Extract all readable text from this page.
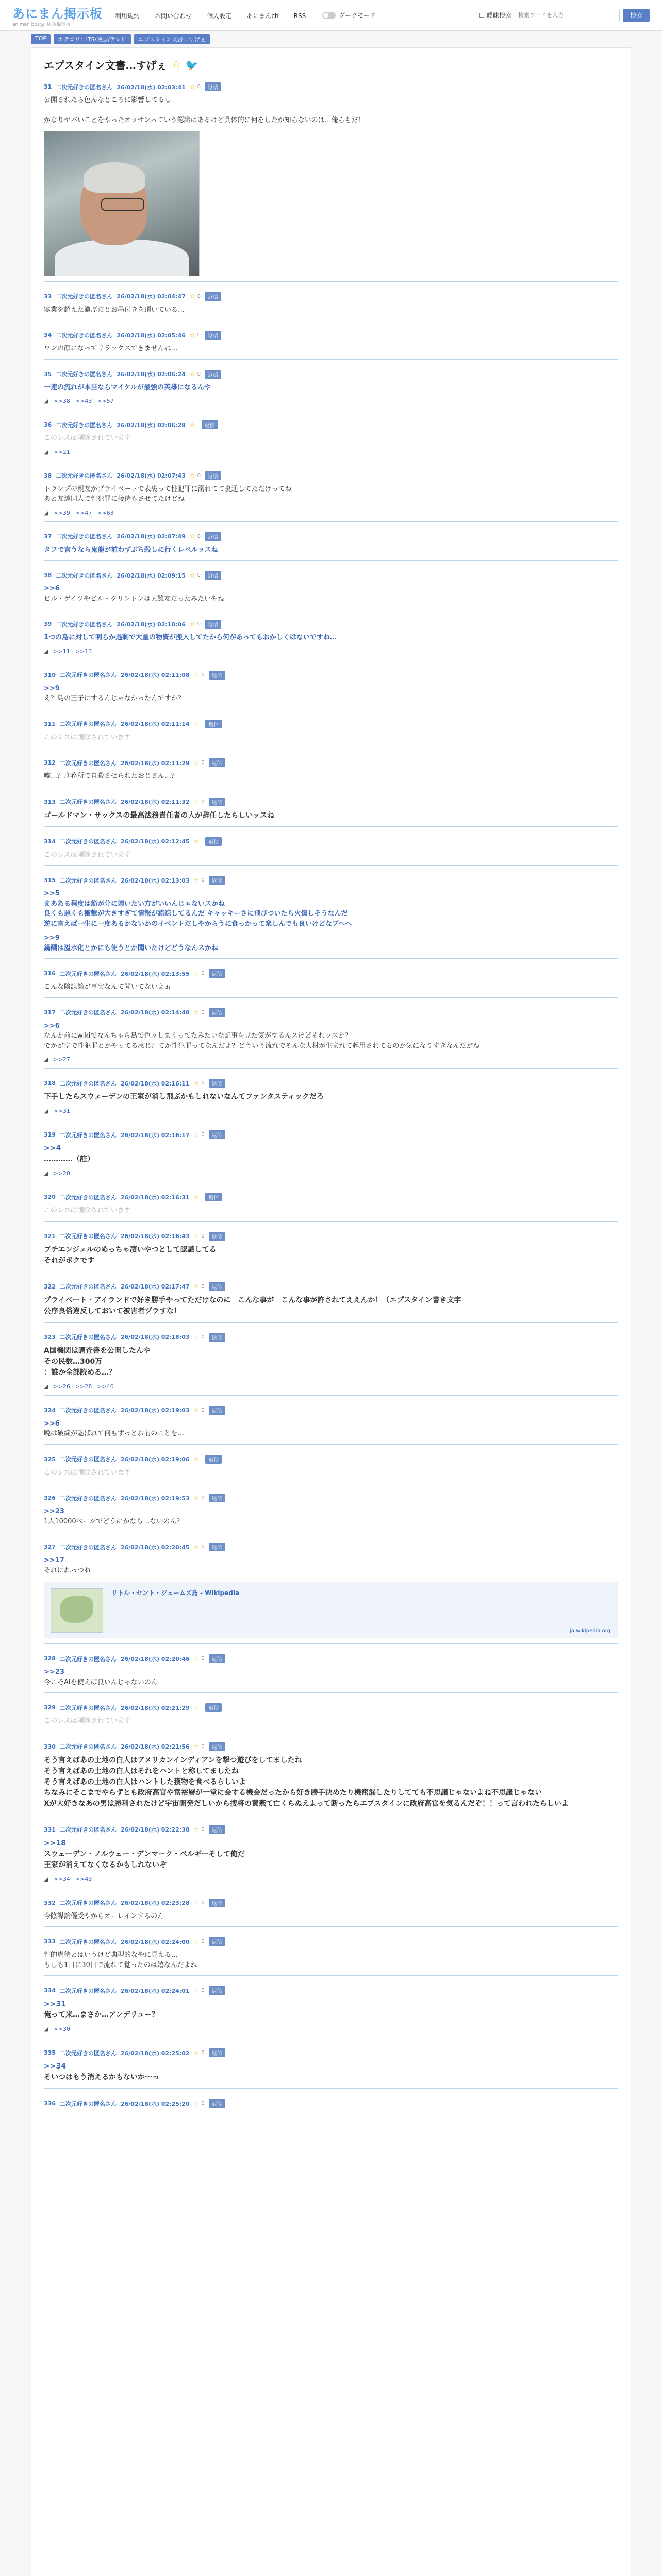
あにまん掲示板
animan bbs@. 総合掲示板
利用規約 お問い合わせ 個人設定 あにまんch RSS	ダークモード	☐ 曖昧検索
検索ワードを入力	検索
TOP	カテゴリ：ITS/映画/テレビ	エプスタイン文書…すげぇ
エプスタイン文書…すげぇ ☆ 🐦
31 二次元好きの匿名さん 26/02/18(水) 02:03:41 ☆ 0	返信
公開されたら色んなところに影響してるし

かなりヤバいことをやったオッサンっていう認識はあるけど具体的に何をしたか知らないのは…俺らもだ！
33 二次元好きの匿名さん 26/02/18(水) 02:04:47 ☆ 0	返信
窯業を超えた濃厚だとお墨付きを頂いている…
34 二次元好きの匿名さん 26/02/18(水) 02:05:46 ☆ 0	返信
ワンの顔になってリラックスできませんね…
35 二次元好きの匿名さん 26/02/18(水) 02:06:24 ☆ 0	返信
一連の流れが本当ならマイケルが最強の英雄になるんや
◢ >>38 >>43 >>57
36 二次元好きの匿名さん 26/02/18(水) 02:06:28 ☆	返信
このレスは削除されています
◢ >>21
38 二次元好きの匿名さん 26/02/18(水) 02:07:43 ☆ 0	返信
トランプの親友がプライベートで表裏って性犯罪に溺れてて裏通してただけってね
あと友達同人で性犯罪に接待もさせてたけどね
◢ >>39 >>47 >>63
37 二次元好きの匿名さん 26/02/18(水) 02:07:49 ☆ 0	返信
タフで言うなら鬼龍が前わずぶち殺しに行くレベルッスね
38 二次元好きの匿名さん 26/02/18(水) 02:09:15 ☆ 0	返信
>>6
ビル・ゲイツやビル・クリントンは大難友だったみたいやね
39 二次元好きの匿名さん 26/02/18(水) 02:10:06 ☆ 0	返信
1つの島に対して明らか過剰で大量の物資が搬入してたから何があってもおかしくはないですね…
◢ >>11 >>13
310 二次元好きの匿名さん 26/02/18(水) 02:11:08 ☆ 0	返信
>>9
え？島の王子にするんじゃなかったんですか？
311 二次元好きの匿名さん 26/02/18(水) 02:11:14 ☆	返信
このレスは削除されています
312 二次元好きの匿名さん 26/02/18(水) 02:11:29 ☆ 0	返信
嘘…？刑務所で自殺させられたおじさん…？
313 二次元好きの匿名さん 26/02/18(水) 02:11:32 ☆ 0	返信
ゴールドマン・サックスの最高法務責任者の人が辞任したらしいッスね
314 二次元好きの匿名さん 26/02/18(水) 02:12:45 ☆	返信
このレスは削除されています
315 二次元好きの匿名さん 26/02/18(水) 02:13:03 ☆ 0	返信
>>5
まあある程度は筋が分に壊いたい方がいいんじゃないスかね
良くも悪くも衝撃が大きすぎて情報が錯綜してるんだ キャッキーさに飛びついたら火傷しそうなんだ
逆に言えば一生に一度あるかないかのイベントだしやからうに食っかって楽しんでも良いけどなブヘヘ
>>9
鍋醐は溢水化とかにも使うとか聞いたけどどうなんスかね
316 二次元好きの匿名さん 26/02/18(水) 02:13:55 ☆ 0	返信
こんな陰謀論が事実なんて聞いてないよぉ
317 二次元好きの匿名さん 26/02/18(水) 02:14:48 ☆ 0	返信
>>6
なんか前にwikiでなんちゃら島で色々しまくってたみたいな記事を見た気がするんスけどそれッスか？
でかがすで性犯罪とかやってる感じ？てか性犯罪ってなんだよ？どういう流れでそんな大材が生まれて起用されてるのか気になりすぎなんだがね
◢ >>27
318 二次元好きの匿名さん 26/02/18(水) 02:16:11 ☆ 0	返信
下手したらスウェーデンの王室が消し飛ぶかもしれないなんてファンタスティックだろ
◢ >>31
319 二次元好きの匿名さん 26/02/18(水) 02:16:17 ☆ 0	返信
>>4
…………（註）
◢ >>20
320 二次元好きの匿名さん 26/02/18(水) 02:16:31 ☆	返信
このレスは削除されています
321 二次元好きの匿名さん 26/02/18(水) 02:16:43 ☆ 0	返信
プチエンジェルのめっちゃ凄いやつとして認識してる
それがボクです
322 二次元好きの匿名さん 26/02/18(水) 02:17:47 ☆ 0	返信
プライベート・アイランドで好き勝手やってただけなのに　こんな事が　こんな事が許されてええんか！（エプスタイン書き文字
公序良俗違反しておいて被害者ヅラすな！
323 二次元好きの匿名さん 26/02/18(水) 02:18:03 ☆ 0	返信
A国機関は調査書を公開したんや
その民数…300万
：誰か全部読める…？
◢ >>26 >>28 >>40
324 二次元好きの匿名さん 26/02/18(水) 02:19:03 ☆ 0	返信
>>6
晩は破綻が魅ばれて何もずっとお前のことを…
325 二次元好きの匿名さん 26/02/18(水) 02:19:06 ☆	返信
このレスは削除されています
326 二次元好きの匿名さん 26/02/18(水) 02:19:53 ☆ 0	返信
>>23
1人10000ページでどうにかなら…ないのん？
327 二次元好きの匿名さん 26/02/18(水) 02:20:45 ☆ 0	返信
>>17
それにれっつね
リトル・セント・ジェームズ島 - Wikipedia
ja.wikipedia.org
328 二次元好きの匿名さん 26/02/18(水) 02:20:46 ☆ 0	返信
>>23
今こそAIを使えば良いんじゃないのん
329 二次元好きの匿名さん 26/02/18(水) 02:21:29 ☆	返信
このレスは削除されています
330 二次元好きの匿名さん 26/02/18(水) 02:21:56 ☆ 0	返信
そう言えばあの土地の白人はアメリカンインディアンを撃つ遊びをしてましたね
そう言えばあの土地の白人はそれをハントと称してましたね
そう言えばあの土地の白人はハントした獲物を食べるらしいよ
ちなみにそこまでやらずとも政府高官や富裕層が一堂に会する機会だったから好き勝手決めたり機密漏したりしてても不思議じゃないよね不思議じゃない
Xが大好きなあの男は勝利されたけど宇宙開発だしいから捜将の黄燕て亡くらぬえよって断ったらエプスタインに政府高官を気るんだぞ！！って言われたらしいよ
331 二次元好きの匿名さん 26/02/18(水) 02:22:38 ☆ 0	返信
>>18
スウェーデン・ノルウェー・デンマーク・ベルギーそして俺だ
王家が消えてなくなるかもしれないぞ
◢ >>34 >>43
332 二次元好きの匿名さん 26/02/18(水) 02:23:28 ☆ 0	返信
今陰謀論優受やからオーレインするのん
333 二次元好きの匿名さん 26/02/18(水) 02:24:00 ☆ 0	返信
性的虐待とはいうけど典型的なやに見える…
もしも1日に30日で流れて覚ったのは嬉なんだよね
334 二次元好きの匿名さん 26/02/18(水) 02:24:01 ☆ 0	返信
>>31
俺って来…まさか…アンデリュー？
◢ >>30
335 二次元好きの匿名さん 26/02/18(水) 02:25:02 ☆ 0	返信
>>34
そいつはもう消えるかもないか〜っ
336 二次元好きの匿名さん 26/02/18(水) 02:25:20 ☆ 0	返信
